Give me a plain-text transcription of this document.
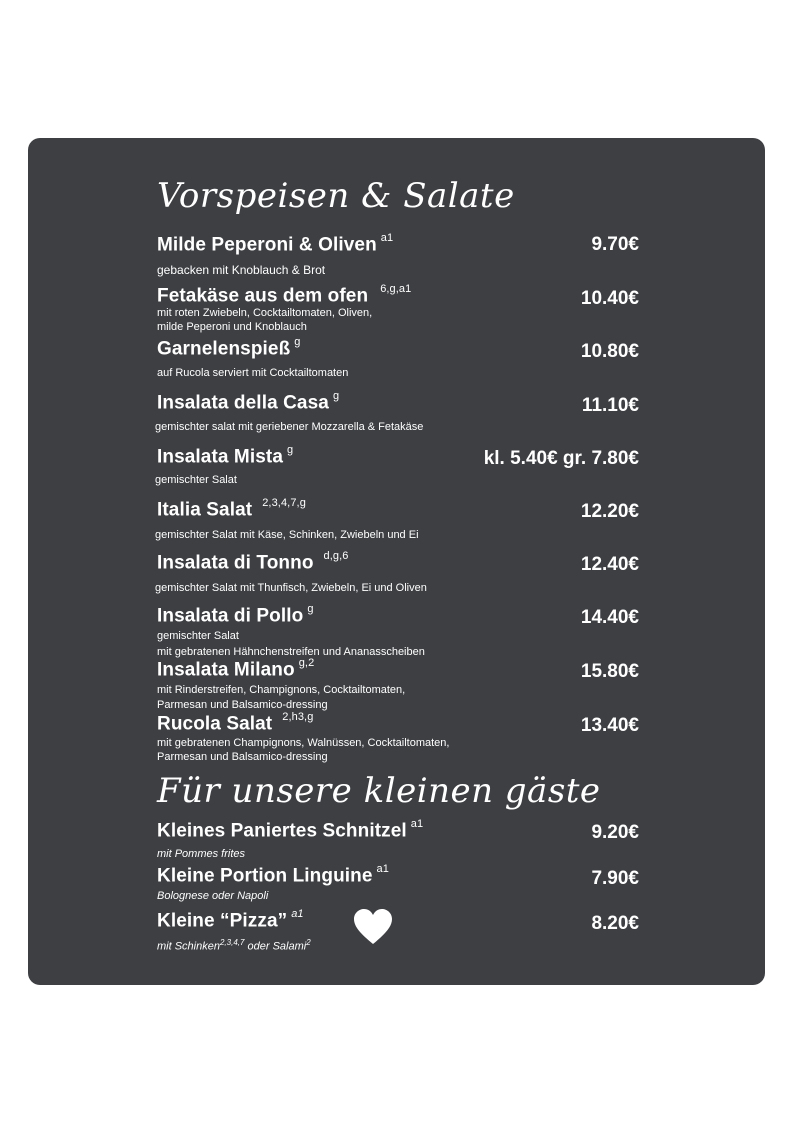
Vorspeisen & Salate
Milde Peperoni & Oliven $^{a1}$	9.70€
gebacken mit Knoblauch & Brot
Fetakäse aus dem ofen $^{6,g,a1}$	10.40€
mit roten Zwiebeln, Cocktailtomaten, Oliven,
milde Peperoni und Knoblauch
Garnelenspieß $^g$	10.80€
auf Rucola serviert mit Cocktailtomaten
Insalata della Casa $^g$	11.10€
gemischter salat mit geriebener Mozzarella & Fetakäse
Insalata Mista $^g$	kl. 5.40€ gr. 7.80€
gemischter Salat
Italia Salat $^{2,3,4,7,g}$	12.20€
gemischter Salat mit Käse, Schinken, Zwiebeln und Ei
Insalata di Tonno $^{d,g,6}$	12.40€
gemischter Salat mit Thunfisch, Zwiebeln, Ei und Oliven
Insalata di Pollo $^g$	14.40€
gemischter Salat
mit gebratenen Hähnchenstreifen und Ananasscheiben
Insalata Milano $^{g,2}$	15.80€
mit Rinderstreifen, Champignons, Cocktailtomaten,
Parmesan und Balsamico-dressing
Rucola Salat $^{2,h3,g}$	13.40€
mit gebratenen Champignons, Walnüssen, Cocktailtomaten,
Parmesan und Balsamico-dressing
Für unsere kleinen gäste
Kleines Paniertes Schnitzel $^{a1}$	9.20€
mit Pommes frites
Kleine Portion Linguine $^{a1}$	7.90€
Bolognese oder Napoli
Kleine “Pizza” $^{a1}$	8.20€
mit Schinken$^{2,3,4,7}$ oder Salami$^2$
